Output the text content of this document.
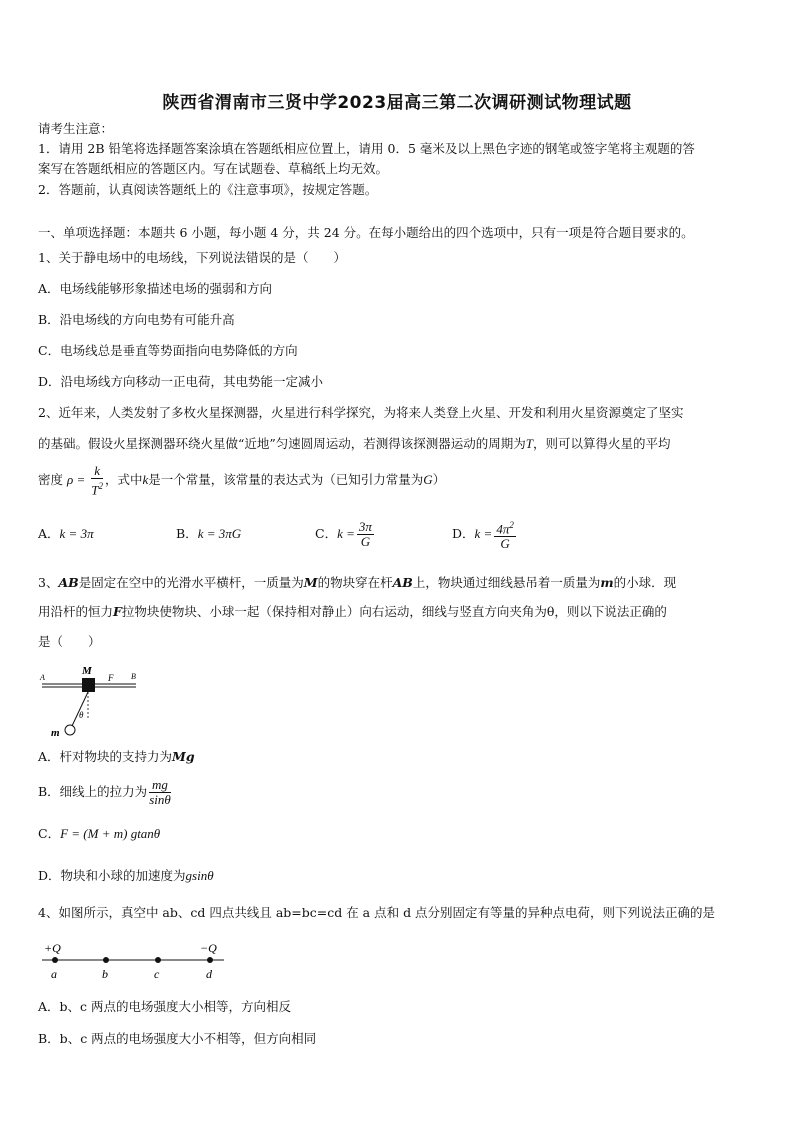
陕西省渭南市三贤中学2023届高三第二次调研测试物理试题
请考生注意：
1．请用 2B 铅笔将选择题答案涂填在答题纸相应位置上，请用 0．5 毫米及以上黑色字迹的钢笔或签字笔将主观题的答
案写在答题纸相应的答题区内。写在试题卷、草稿纸上均无效。
2．答题前，认真阅读答题纸上的《注意事项》，按规定答题。
一、单项选择题：本题共 6 小题，每小题 4 分，共 24 分。在每小题给出的四个选项中，只有一项是符合题目要求的。
1、关于静电场中的电场线，下列说法错误的是（　　）
A．电场线能够形象描述电场的强弱和方向
B．沿电场线的方向电势有可能升高
C．电场线总是垂直等势面指向电势降低的方向
D．沿电场线方向移动一正电荷，其电势能一定减小
2、近年来，人类发射了多枚火星探测器，火星进行科学探究，为将来人类登上火星、开发和利用火星资源奠定了坚实
的基础。假设火星探测器环绕火星做“近地”匀速圆周运动，若测得该探测器运动的周期为T，则可以算得火星的平均
密度 $\rho = \frac{k}{T^2}$ ，式中k是一个常量，该常量的表达式为（已知引力常量为G）
A．k = 3π	B．k = 3πG	C．$k = \frac{3\pi}{G}$	D．$k = \frac{4\pi^2}{G}$
3、AB是固定在空中的光滑水平横杆，一质量为M的物块穿在杆AB上，物块通过细线悬吊着一质量为m的小球．现
用沿杆的恒力F拉物块使物块、小球一起（保持相对静止）向右运动，细线与竖直方向夹角为θ，则以下说法正确的
是（　　）
A
M
F B
θ
m
A．杆对物块的支持力为Mg
B．细线上的拉力为 $\frac{mg}{\sin\theta}$
C．F = (M + m) gtanθ
D．物块和小球的加速度为gsinθ
4、如图所示，真空中 ab、cd 四点共线且 ab=bc=cd 在 a 点和 d 点分别固定有等量的异种点电荷，则下列说法正确的是
+Q	−Q
a	b	c	d
A．b、c 两点的电场强度大小相等，方向相反
B．b、c 两点的电场强度大小不相等，但方向相同
